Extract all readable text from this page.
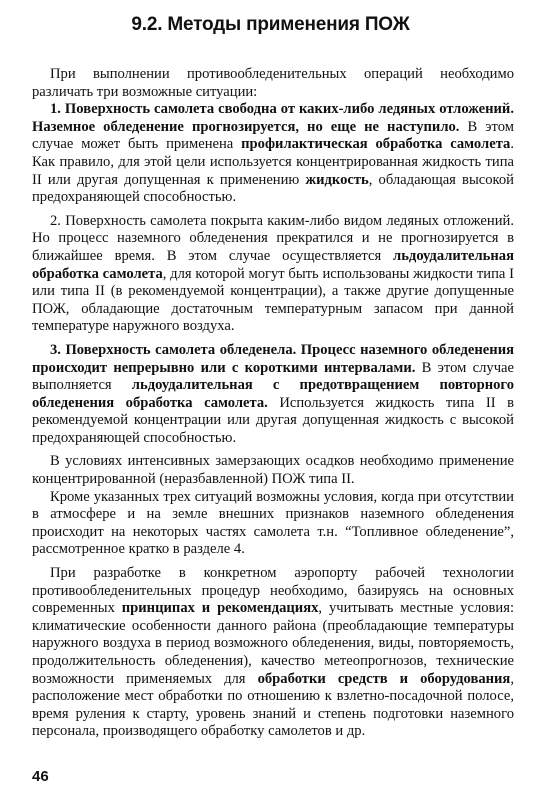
9.2. Методы применения ПОЖ

При выполнении противообледенительных операций необходимо различать три возможные ситуации:

1. Поверхность самолета свободна от каких-либо ледяных отложений. Наземное обледенение прогнозируется, но еще не наступило. В этом случае может быть применена профилактическая обработка самолета. Как правило, для этой цели используется концентрированная жидкость типа II или другая допущенная к применению жидкость, обладающая высокой предохраняющей способностью.

2. Поверхность самолета покрыта каким-либо видом ледяных отложений. Но процесс наземного обледенения прекратился и не прогнозируется в ближайшее время. В этом случае осуществляется льдоудалительная обработка самолета, для которой могут быть использованы жидкости типа I или типа II (в рекомендуемой концентрации), а также другие допущенные ПОЖ, обладающие достаточным температурным запасом при данной температуре наружного воздуха.

3. Поверхность самолета обледенела. Процесс наземного обледенения происходит непрерывно или с короткими интервалами. В этом случае выполняется льдоудалительная с предотвращением повторного обледенения обработка самолета. Используется жидкость типа II в рекомендуемой концентрации или другая допущенная жидкость с высокой предохраняющей способностью.

В условиях интенсивных замерзающих осадков необходимо применение концентрированной (неразбавленной) ПОЖ типа II.

Кроме указанных трех ситуаций возможны условия, когда при отсутствии в атмосфере и на земле внешних признаков наземного обледенения происходит на некоторых частях самолета т.н. “Топливное обледенение”, рассмотренное кратко в разделе 4.

При разработке в конкретном аэропорту рабочей технологии противообледенительных процедур необходимо, базируясь на основных современных принципах и рекомендациях, учитывать местные условия: климатические особенности данного района (преобладающие температуры наружного воздуха в период возможного обледенения, виды, повторяемость, продолжительность обледенения), качество метеопрогнозов, технические возможности применяемых для обработки средств и оборудования, расположение мест обработки по отношению к взлетно-посадочной полосе, время руления к старту, уровень знаний и степень подготовки наземного персонала, производящего обработку самолетов и др.

46
